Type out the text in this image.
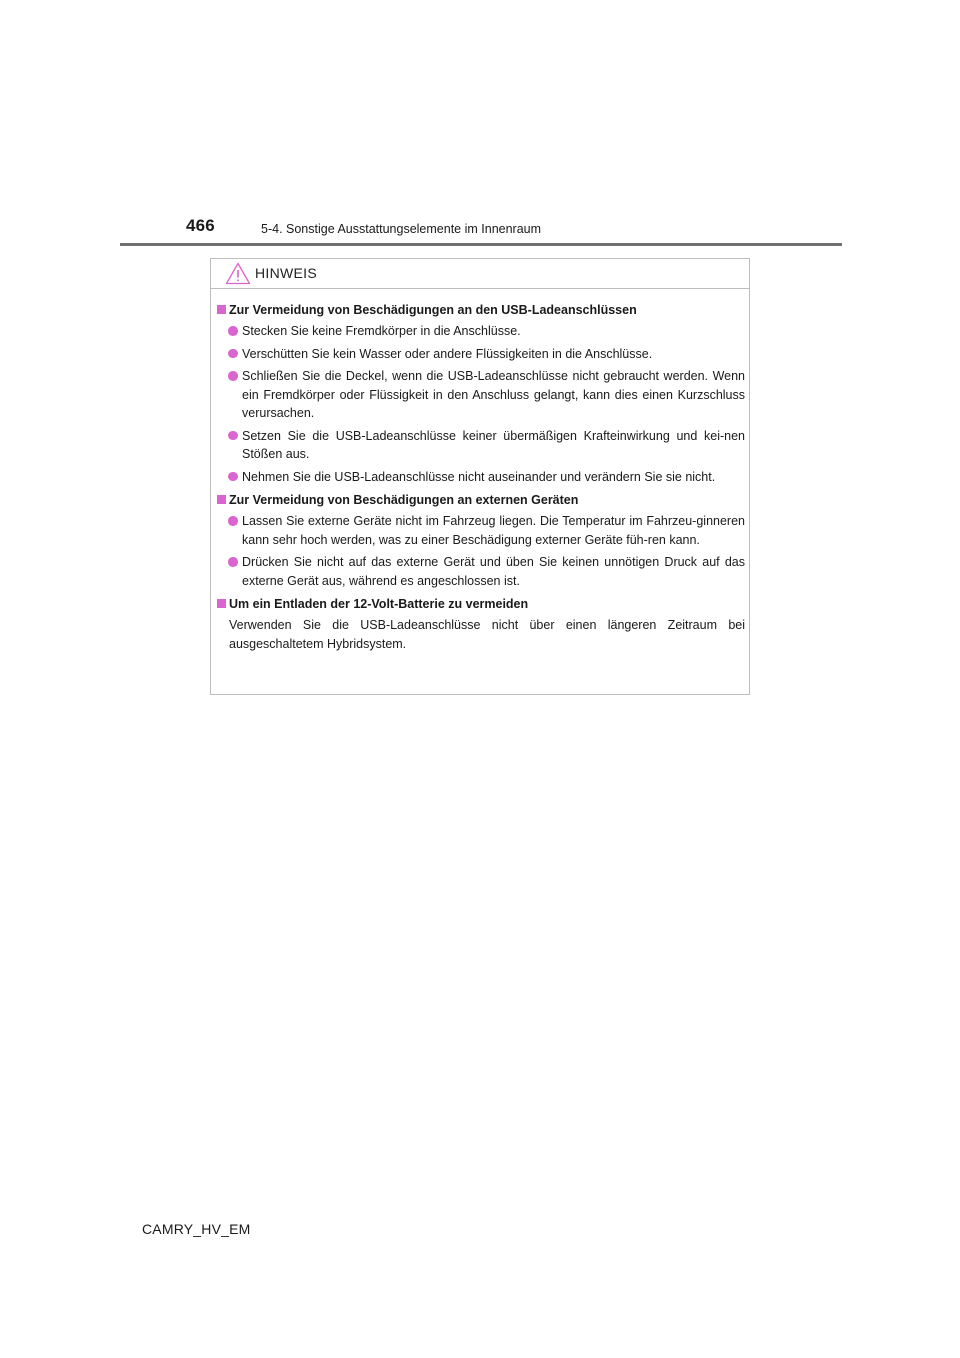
466	5-4. Sonstige Ausstattungselemente im Innenraum
HINWEIS
Zur Vermeidung von Beschädigungen an den USB-Ladeanschlüssen
Stecken Sie keine Fremdkörper in die Anschlüsse.
Verschütten Sie kein Wasser oder andere Flüssigkeiten in die Anschlüsse.
Schließen Sie die Deckel, wenn die USB-Ladeanschlüsse nicht gebraucht werden. Wenn ein Fremdkörper oder Flüssigkeit in den Anschluss gelangt, kann dies einen Kurzschluss verursachen.
Setzen Sie die USB-Ladeanschlüsse keiner übermäßigen Krafteinwirkung und kei-nen Stößen aus.
Nehmen Sie die USB-Ladeanschlüsse nicht auseinander und verändern Sie sie nicht.
Zur Vermeidung von Beschädigungen an externen Geräten
Lassen Sie externe Geräte nicht im Fahrzeug liegen. Die Temperatur im Fahrzeu-ginneren kann sehr hoch werden, was zu einer Beschädigung externer Geräte füh-ren kann.
Drücken Sie nicht auf das externe Gerät und üben Sie keinen unnötigen Druck auf das externe Gerät aus, während es angeschlossen ist.
Um ein Entladen der 12-Volt-Batterie zu vermeiden
Verwenden Sie die USB-Ladeanschlüsse nicht über einen längeren Zeitraum bei ausgeschaltetem Hybridsystem.
CAMRY_HV_EM
